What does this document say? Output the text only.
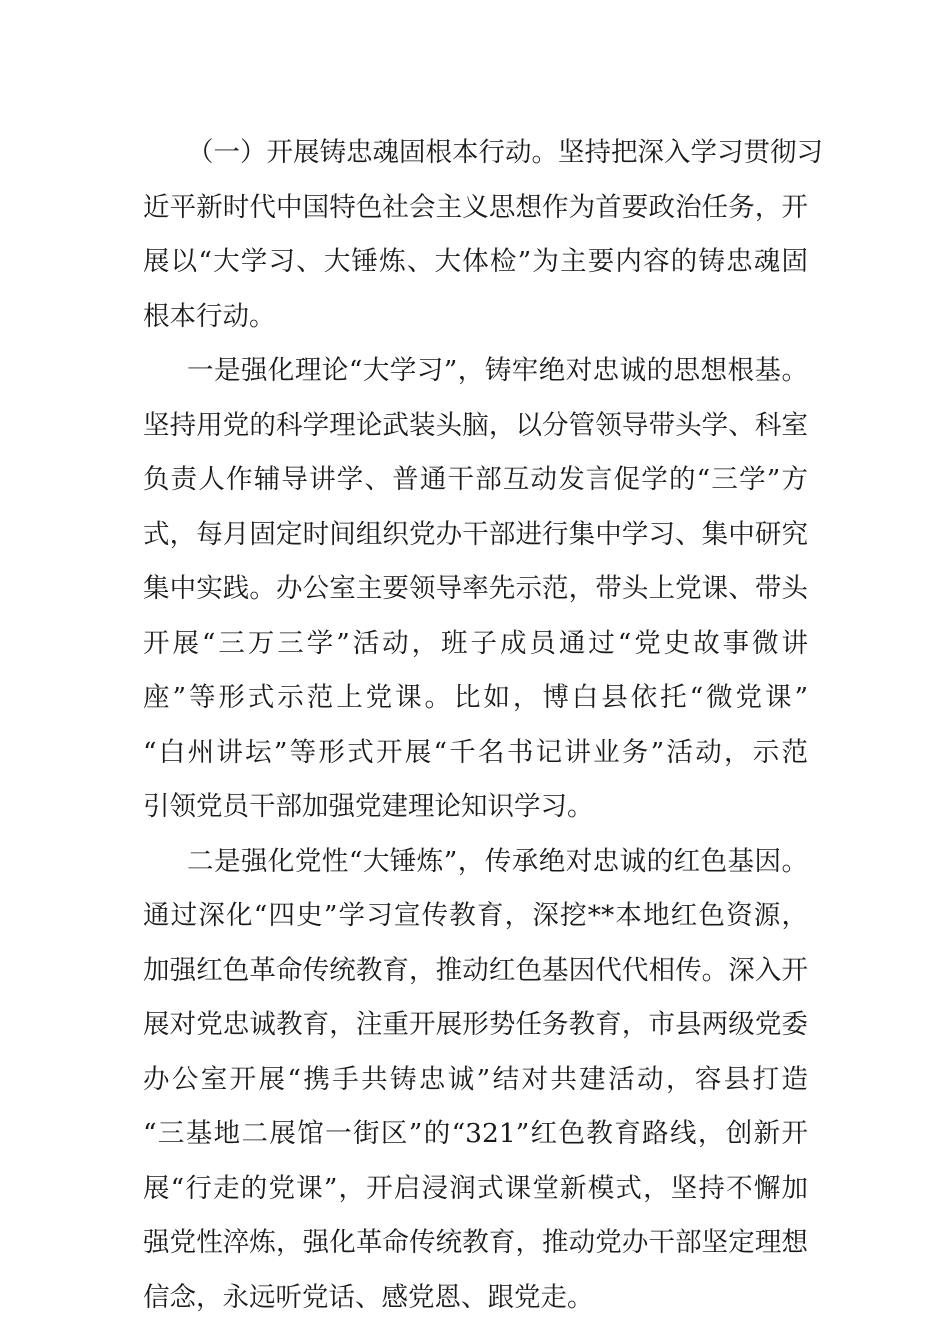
（一）开展铸忠魂固根本行动。坚持把深入学习贯彻习
近平新时代中国特色社会主义思想作为首要政治任务，开
展以“大学习、大锤炼、大体检”为主要内容的铸忠魂固
根本行动。
一是强化理论“大学习”，铸牢绝对忠诚的思想根基。
坚持用党的科学理论武装头脑，以分管领导带头学、科室
负责人作辅导讲学、普通干部互动发言促学的“三学”方
式，每月固定时间组织党办干部进行集中学习、集中研究
集中实践。办公室主要领导率先示范，带头上党课、带头
开展“三万三学”活动，班子成员通过“党史故事微讲
座”等形式示范上党课。比如，博白县依托“微党课”
“白州讲坛”等形式开展“千名书记讲业务”活动，示范
引领党员干部加强党建理论知识学习。
二是强化党性“大锤炼”，传承绝对忠诚的红色基因。
通过深化“四史”学习宣传教育，深挖**本地红色资源，
加强红色革命传统教育，推动红色基因代代相传。深入开
展对党忠诚教育，注重开展形势任务教育，市县两级党委
办公室开展“携手共铸忠诚”结对共建活动，容县打造
“三基地二展馆一街区”的“321”红色教育路线，创新开
展“行走的党课”，开启浸润式课堂新模式，坚持不懈加
强党性淬炼，强化革命传统教育，推动党办干部坚定理想
信念，永远听党话、感党恩、跟党走。
